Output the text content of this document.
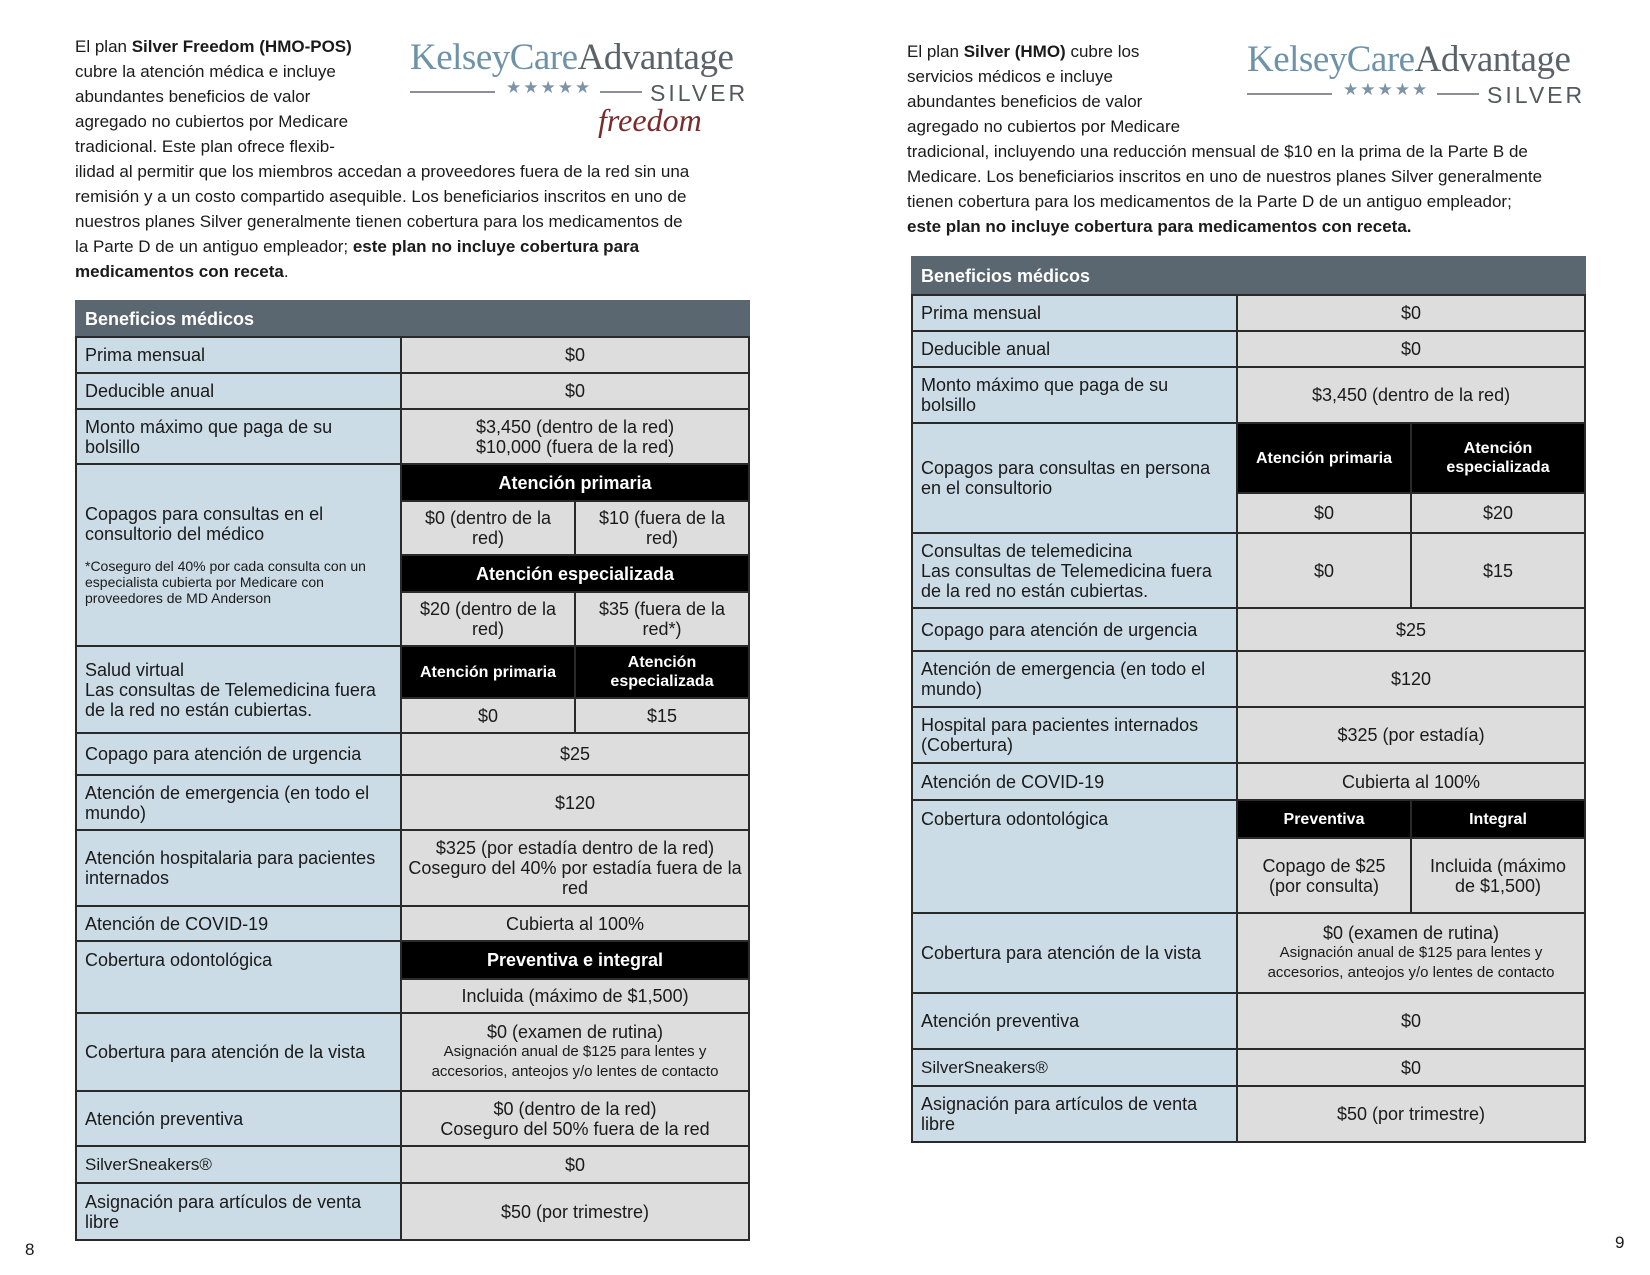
El plan Silver Freedom (HMO-POS)
cubre la atención médica e incluye
abundantes beneficios de valor
agregado no cubiertos por Medicare
tradicional. Este plan ofrece flexib-
ilidad al permitir que los miembros accedan a proveedores fuera de la red sin una
remisión y a un costo compartido asequible. Los beneficiarios inscritos en uno de
nuestros planes Silver generalmente tienen cobertura para los medicamentos de
la Parte D de un antiguo empleador; este plan no incluye cobertura para
medicamentos con receta.
KelseyCareAdvantage
★★★★★	SILVER
freedom
Beneficios médicos		
Prima mensual	$0	
Deducible anual	$0	
Monto máximo que paga de su bolsillo	$3,450 (dentro de la red)
$10,000 (fuera de la red)	

Copagos para consultas en el consultorio del médico
*Coseguro del 40% por cada consulta con un especialista cubierta por Medicare con proveedores de MD Anderson	Atención primaria	
	$0 (dentro de la red)	$10 (fuera de la red)
	Atención especializada	
	$20 (dentro de la red)	$35 (fuera de la red*)

Salud virtual
Las consultas de Telemedicina fuera de la red no están cubiertas.	Atención primaria	Atención especializada
	$0	$15
Copago para atención de urgencia	$25	
Atención de emergencia (en todo el mundo)	$120	
Atención hospitalaria para pacientes internados	$325 (por estadía dentro de la red)
Coseguro del 40% por estadía fuera de la red	

Atención de COVID-19	Cubierta al 100%	
Cobertura odontológica	Preventiva e integral	
	Incluida (máximo de $1,500)	
Cobertura para atención de la vista	$0 (examen de rutina)
Asignación anual de $125 para lentes y accesorios, anteojos y/o lentes de contacto	

Atención preventiva	$0 (dentro de la red)
Coseguro del 50% fuera de la red	

SilverSneakers®	$0	
Asignación para artículos de venta libre	$50 (por trimestre)	
8
El plan Silver (HMO) cubre los
servicios médicos e incluye
abundantes beneficios de valor
agregado no cubiertos por Medicare
tradicional, incluyendo una reducción mensual de $10 en la prima de la Parte B de
Medicare. Los beneficiarios inscritos en uno de nuestros planes Silver generalmente
tienen cobertura para los medicamentos de la Parte D de un antiguo empleador;
este plan no incluye cobertura para medicamentos con receta.
KelseyCareAdvantage
★★★★★	SILVER
Beneficios médicos		
Prima mensual	$0	
Deducible anual	$0	
Monto máximo que paga de su bolsillo	$3,450 (dentro de la red)	
Copagos para consultas en persona en el consultorio	Atención primaria	Atención especializada
	$0	$20

Consultas de telemedicina
Las consultas de Telemedicina fuera de la red no están cubiertas.	$0	$15
Copago para atención de urgencia	$25	
Atención de emergencia (en todo el mundo)	$120	
Hospital para pacientes internados (Cobertura)	$325 (por estadía)	
Atención de COVID-19	Cubierta al 100%	
Cobertura odontológica	Preventiva	Integral
	Copago de $25 (por consulta)	Incluida (máximo de $1,500)
Cobertura para atención de la vista	$0 (examen de rutina)
Asignación anual de $125 para lentes y accesorios, anteojos y/o lentes de contacto	

Atención preventiva	$0	
SilverSneakers®	$0	
Asignación para artículos de venta libre	$50 (por trimestre)	
9
